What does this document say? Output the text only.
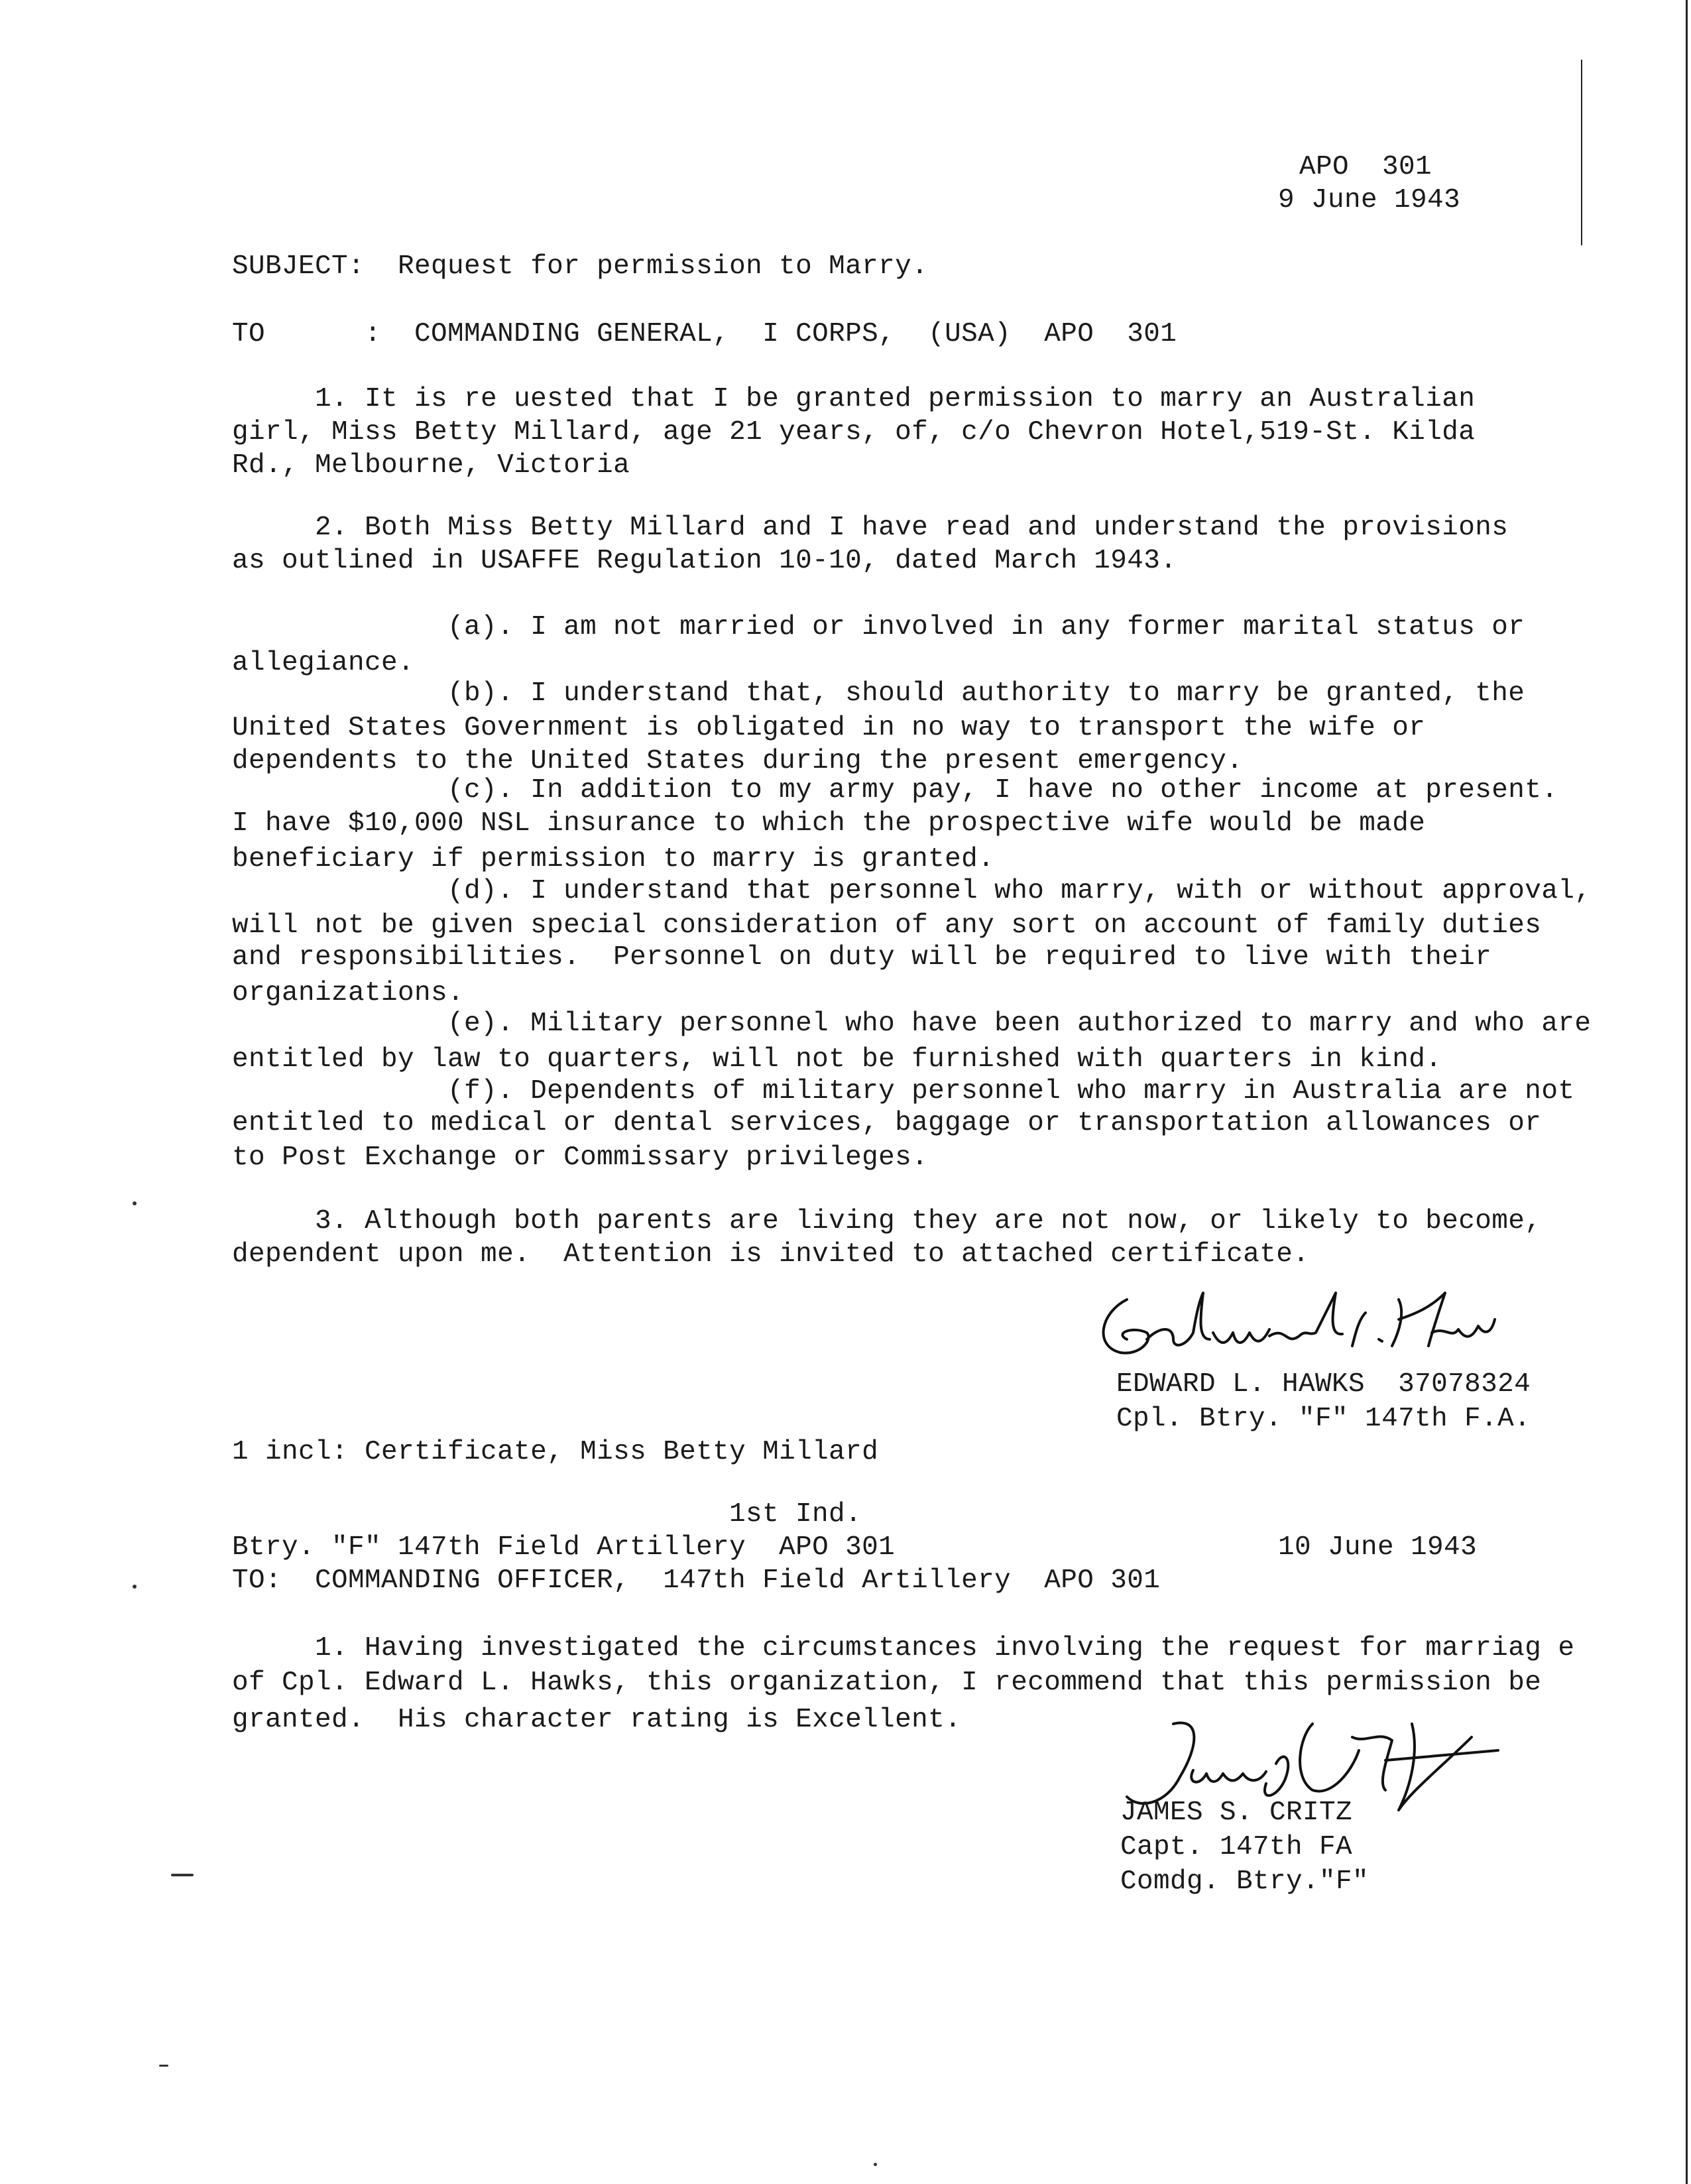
APO  301
9 June 1943
SUBJECT:  Request for permission to Marry.
TO      :  COMMANDING GENERAL,  I CORPS,  (USA)  APO  301
1. It is re uested that I be granted permission to marry an Australian
girl, Miss Betty Millard, age 21 years, of, c/o Chevron Hotel,519-St. Kilda
Rd., Melbourne, Victoria
2. Both Miss Betty Millard and I have read and understand the provisions
as outlined in USAFFE Regulation 10-10, dated March 1943.
(a). I am not married or involved in any former marital status or
allegiance.
(b). I understand that, should authority to marry be granted, the
United States Government is obligated in no way to transport the wife or
dependents to the United States during the present emergency.
(c). In addition to my army pay, I have no other income at present.
I have $10,000 NSL insurance to which the prospective wife would be made
beneficiary if permission to marry is granted.
(d). I understand that personnel who marry, with or without approval,
will not be given special consideration of any sort on account of family duties
and responsibilities.  Personnel on duty will be required to live with their
organizations.
(e). Military personnel who have been authorized to marry and who are
entitled by law to quarters, will not be furnished with quarters in kind.
(f). Dependents of military personnel who marry in Australia are not
entitled to medical or dental services, baggage or transportation allowances or
to Post Exchange or Commissary privileges.
3. Although both parents are living they are not now, or likely to become,
dependent upon me.  Attention is invited to attached certificate.
EDWARD L. HAWKS  37078324
Cpl. Btry. "F" 147th F.A.
1 incl: Certificate, Miss Betty Millard
1st Ind.
Btry. "F" 147th Field Artillery  APO 301	10 June 1943
TO:  COMMANDING OFFICER,  147th Field Artillery  APO 301
1. Having investigated the circumstances involving the request for marriag e
of Cpl. Edward L. Hawks, this organization, I recommend that this permission be
granted.  His character rating is Excellent.
JAMES S. CRITZ
Capt. 147th FA
Comdg. Btry."F"
